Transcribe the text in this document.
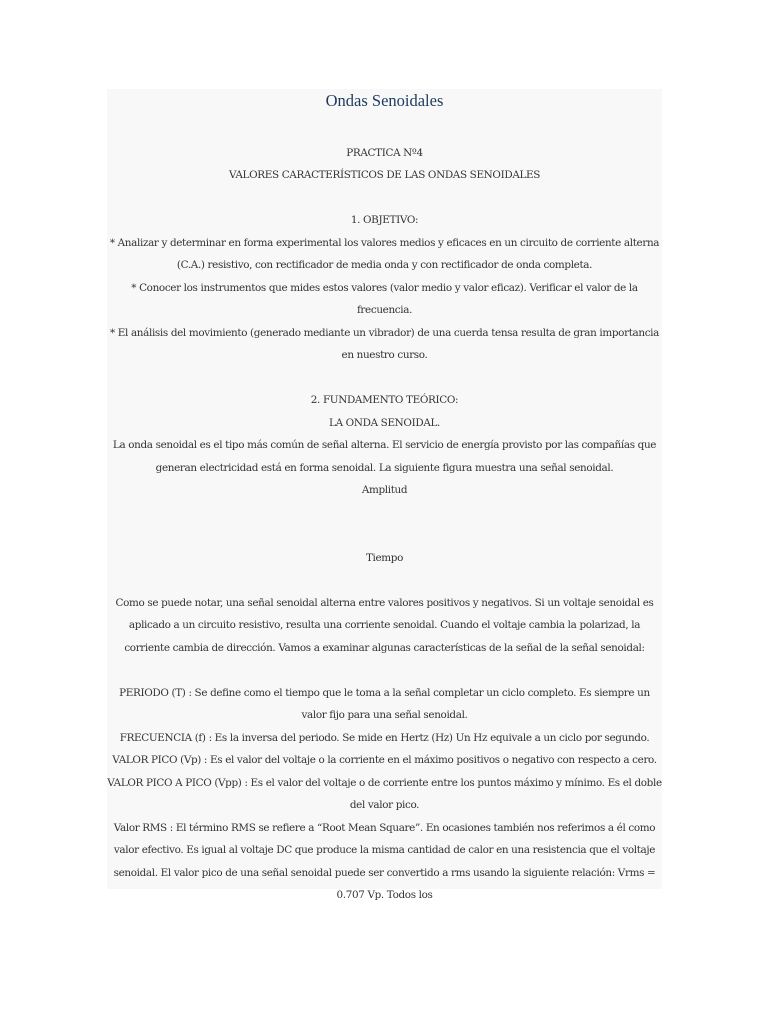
Ondas Senoidales

PRACTICA Nº4

VALORES CARACTERÍSTICOS DE LAS ONDAS SENOIDALES

1. OBJETIVO:

* Analizar y determinar en forma experimental los valores medios y eficaces en un circuito de corriente alterna (C.A.) resistivo, con rectificador de media onda y con rectificador de onda completa.

* Conocer los instrumentos que mides estos valores (valor medio y valor eficaz). Verificar el valor de la frecuencia.

* El análisis del movimiento (generado mediante un vibrador) de una cuerda tensa resulta de gran importancia en nuestro curso.

2. FUNDAMENTO TEÓRICO:

LA ONDA SENOIDAL.

La onda senoidal es el tipo más común de señal alterna. El servicio de energía provisto por las compañías que generan electricidad está en forma senoidal. La siguiente figura muestra una señal senoidal.

Amplitud

Tiempo

Como se puede notar, una señal senoidal alterna entre valores positivos y negativos. Si un voltaje senoidal es aplicado a un circuito resistivo, resulta una corriente senoidal. Cuando el voltaje cambia la polarizad, la corriente cambia de dirección. Vamos a examinar algunas características de la señal de la señal senoidal:

PERIODO (T) : Se define como el tiempo que le toma a la señal completar un ciclo completo. Es siempre un valor fijo para una señal senoidal.

FRECUENCIA (f) : Es la inversa del periodo. Se mide en Hertz (Hz) Un Hz equivale a un ciclo por segundo.

VALOR PICO (Vp) : Es el valor del voltaje o la corriente en el máximo positivos o negativo con respecto a cero.

VALOR PICO A PICO (Vpp) : Es el valor del voltaje o de corriente entre los puntos máximo y mínimo. Es el doble del valor pico.

Valor RMS : El término RMS se refiere a “Root Mean Square”. En ocasiones también nos referimos a él como valor efectivo. Es igual al voltaje DC que produce la misma cantidad de calor en una resistencia que el voltaje senoidal. El valor pico de una señal senoidal puede ser convertido a rms usando la siguiente relación: Vrms = 0.707 Vp. Todos los
